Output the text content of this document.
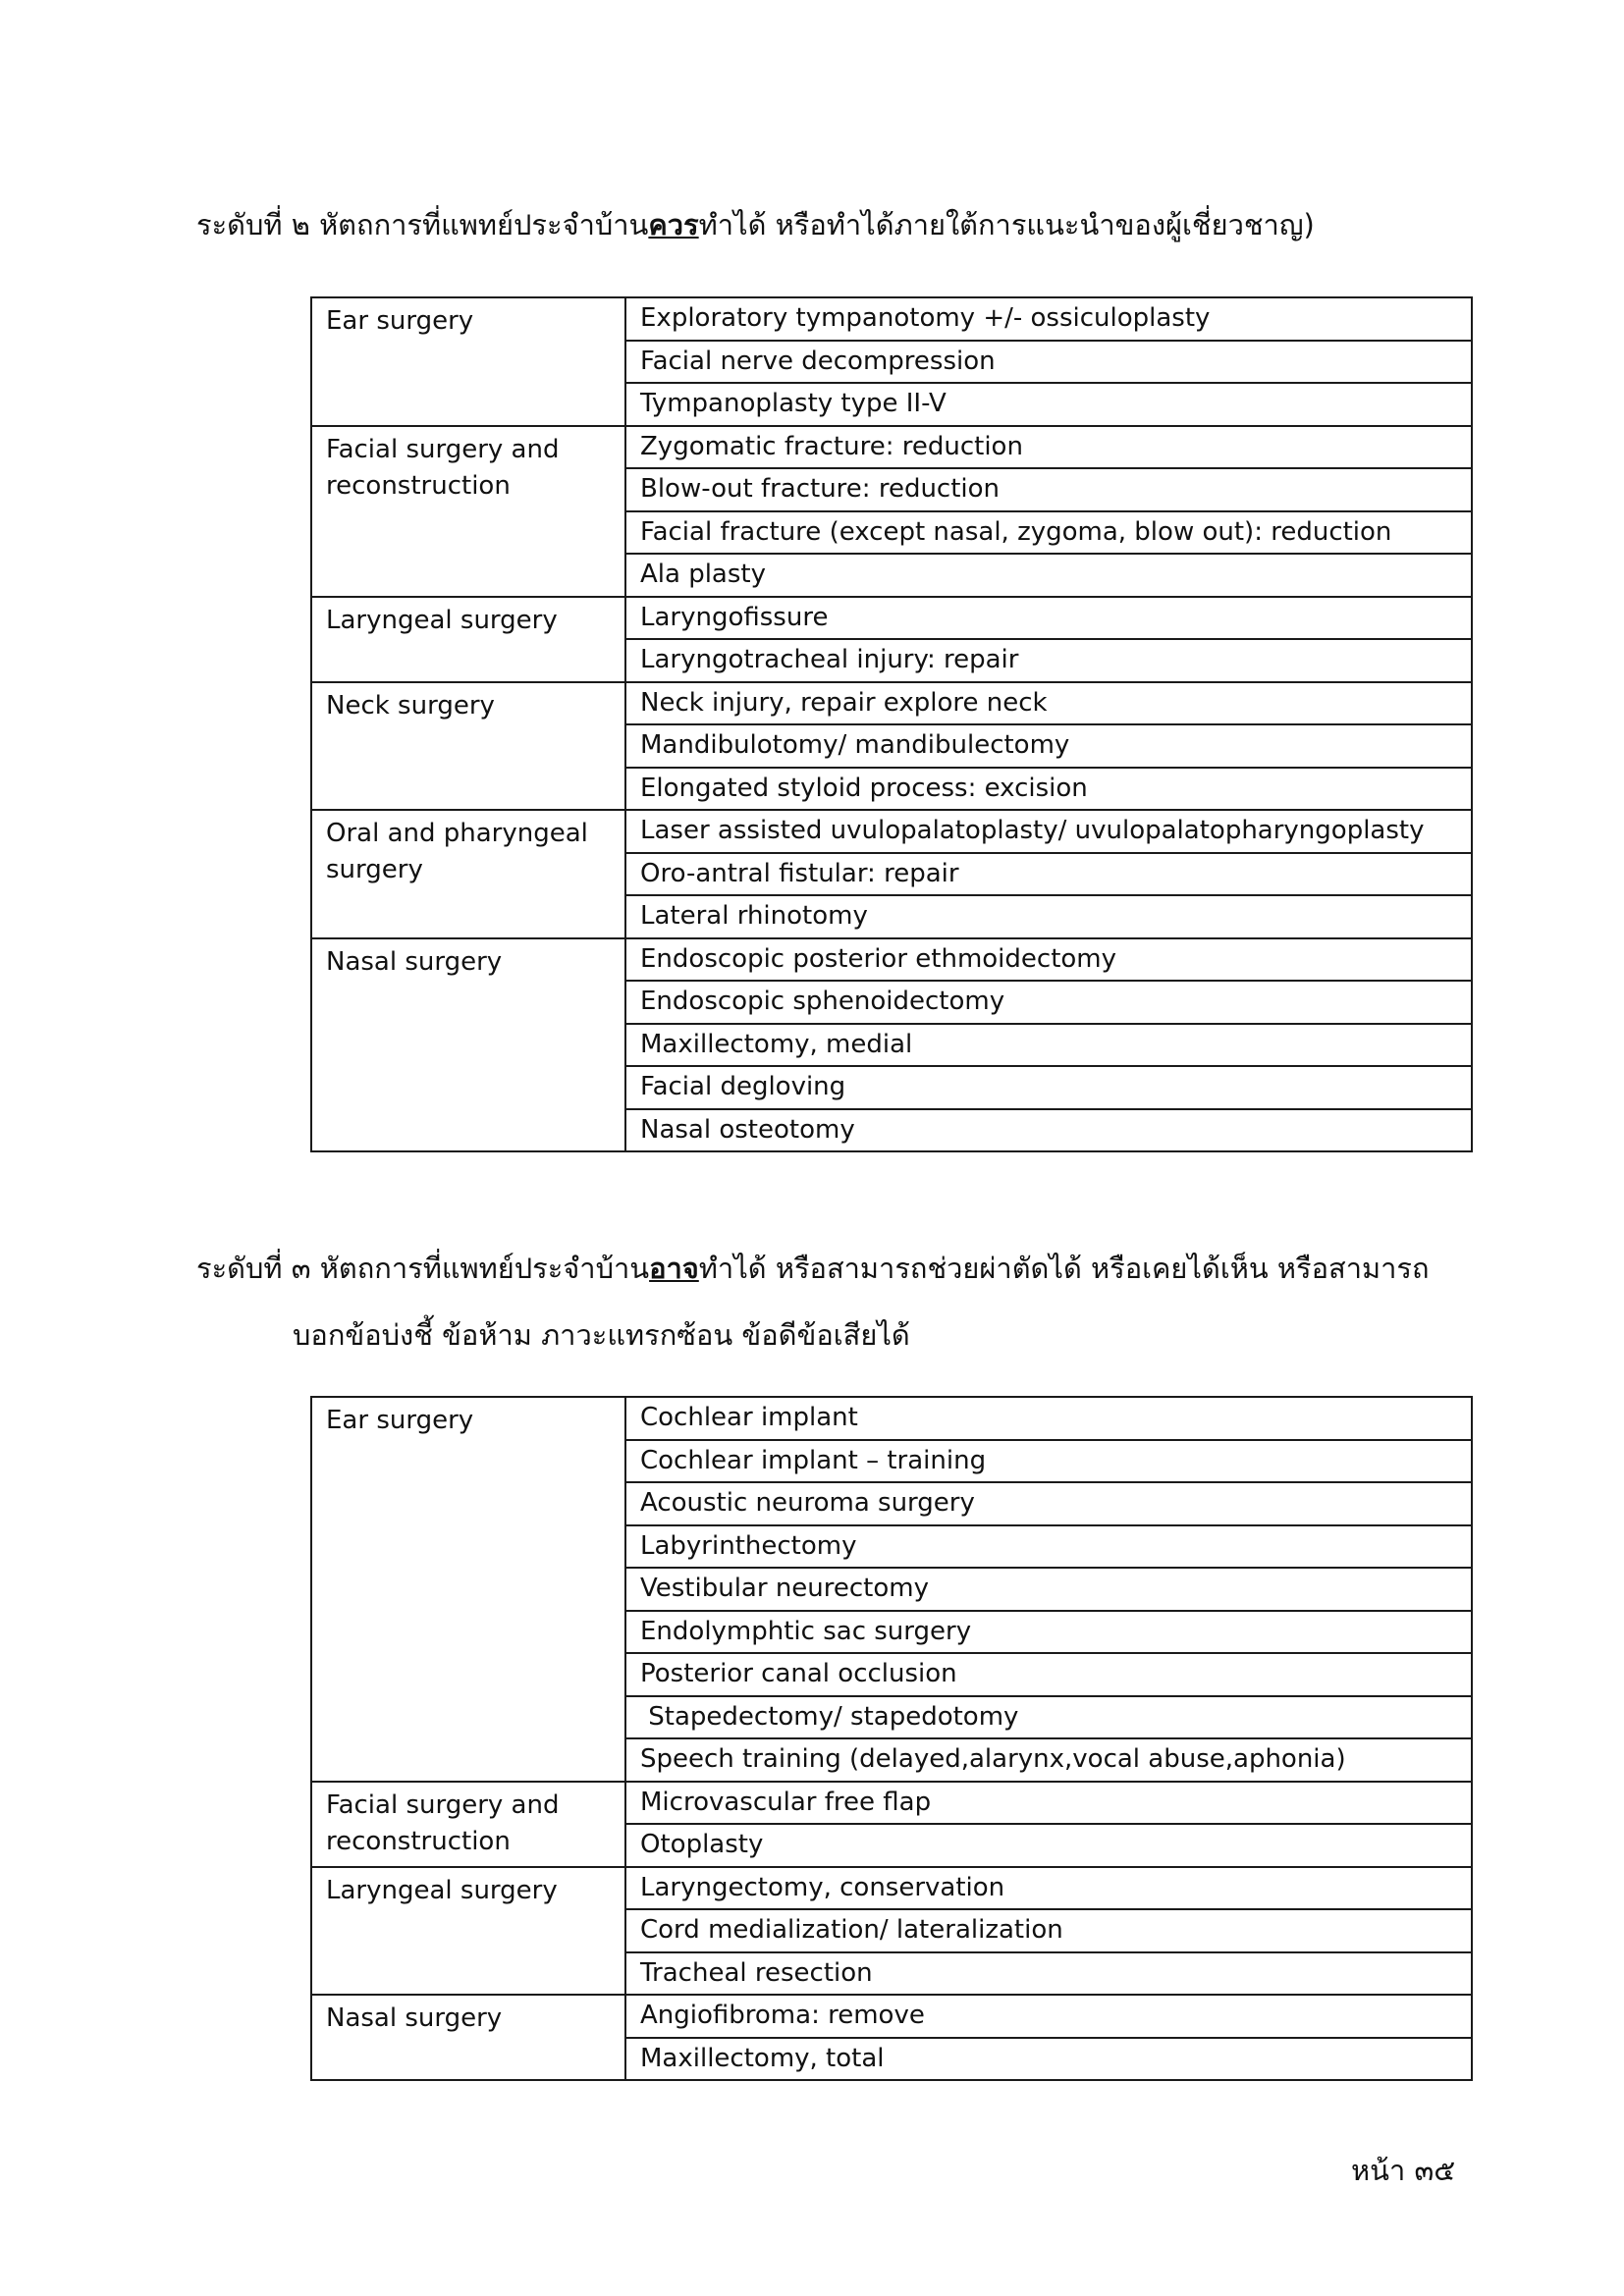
ระดับที่ ๒ หัตถการที่แพทย์ประจำบ้านควรทำได้ หรือทำได้ภายใต้การแนะนำของผู้เชี่ยวชาญ)
Ear surgery	Exploratory tympanotomy +/- ossiculoplasty
	Facial nerve decompression
	Tympanoplasty type II-V
Facial surgery and reconstruction	Zygomatic fracture: reduction
	Blow-out fracture: reduction
	Facial fracture (except nasal, zygoma, blow out): reduction
	Ala plasty
Laryngeal surgery	Laryngofissure
	Laryngotracheal injury: repair
Neck surgery	Neck injury, repair explore neck
	Mandibulotomy/ mandibulectomy
	Elongated styloid process: excision
Oral and pharyngeal surgery	Laser assisted uvulopalatoplasty/ uvulopalatopharyngoplasty
	Oro-antral fistular: repair
	Lateral rhinotomy
Nasal surgery	Endoscopic posterior ethmoidectomy
	Endoscopic sphenoidectomy
	Maxillectomy, medial
	Facial degloving
	Nasal osteotomy
ระดับที่ ๓ หัตถการที่แพทย์ประจำบ้านอาจทำได้ หรือสามารถช่วยผ่าตัดได้ หรือเคยได้เห็น หรือสามารถ
บอกข้อบ่งชี้ ข้อห้าม ภาวะแทรกซ้อน ข้อดีข้อเสียได้
Ear surgery	Cochlear implant
	Cochlear implant – training
	Acoustic neuroma surgery
	Labyrinthectomy
	Vestibular neurectomy
	Endolymphtic sac surgery
	Posterior canal occlusion
	Stapedectomy/ stapedotomy
	Speech training (delayed,alarynx,vocal abuse,aphonia)
Facial surgery and reconstruction	Microvascular free flap
	Otoplasty
Laryngeal surgery	Laryngectomy, conservation
	Cord medialization/ lateralization
	Tracheal resection
Nasal surgery	Angiofibroma: remove
	Maxillectomy, total
หน้า ๓๕
